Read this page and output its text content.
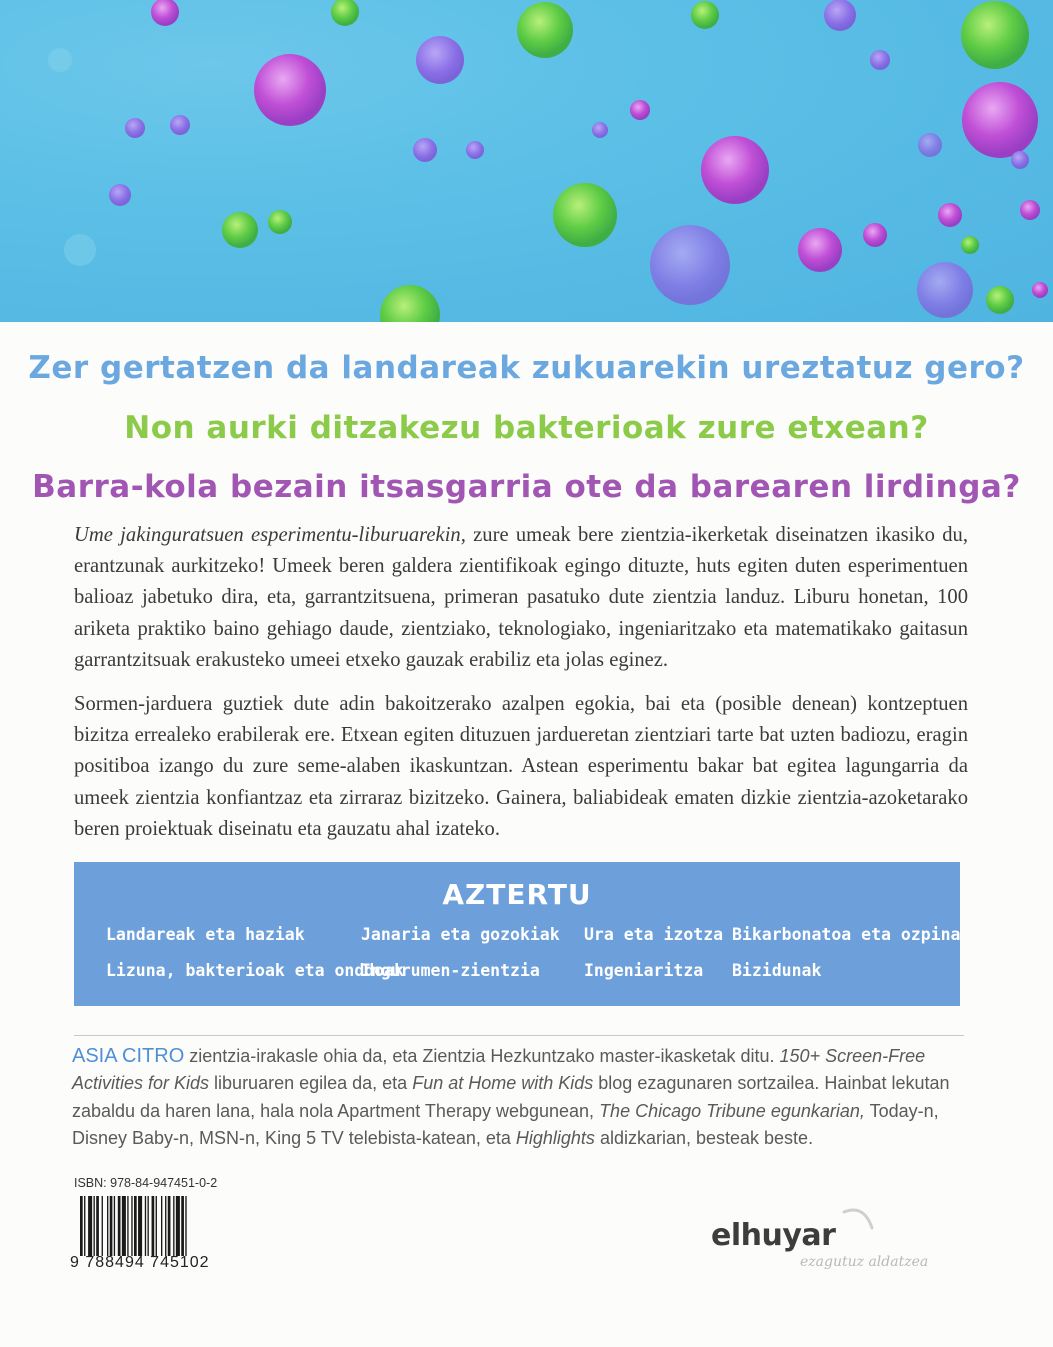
Zer gertatzen da landareak zukuarekin ureztatuz gero?
Non aurki ditzakezu bakterioak zure etxean?
Barra-kola bezain itsasgarria ote da barearen lirdinga?
Ume jakinguratsuen esperimentu-liburuarekin, zure umeak bere zientzia-ikerketak diseinatzen ikasiko du, erantzunak aurkitzeko! Umeek beren galdera zientifikoak egingo dituzte, huts egiten duten esperimentuen balioaz jabetuko dira, eta, garrantzitsuena, primeran pasatuko dute zientzia landuz. Liburu honetan, 100 ariketa praktiko baino gehiago daude, zientziako, teknologiako, ingeniaritzako eta matematikako gaitasun garrantzitsuak erakusteko umeei etxeko gauzak erabiliz eta jolas eginez.
Sormen-jarduera guztiek dute adin bakoitzerako azalpen egokia, bai eta (posible denean) kontzeptuen bizitza errealeko erabilerak ere. Etxean egiten dituzuen jardueretan zientziari tarte bat uzten badiozu, eragin positiboa izango du zure seme-alaben ikaskuntzan. Astean esperimentu bakar bat egitea lagungarria da umeek zientzia konfiantzaz eta zirraraz bizitzeko. Gainera, baliabideak ematen dizkie zientzia-azoketarako beren proiektuak diseinatu eta gauzatu ahal izateko.
AZTERTU
Landareak eta haziak	Janaria eta gozokiak Ura eta izotza Bikarbonatoa eta ozpina
Lizuna, bakterioak eta onddoak
Ingurumen-zientzia	Ingeniaritza Bizidunak
ASIA CITRO zientzia-irakasle ohia da, eta Zientzia Hezkuntzako master-ikasketak ditu. 150+ Screen-Free Activities for Kids liburuaren egilea da, eta Fun at Home with Kids blog ezagunaren sortzailea. Hainbat lekutan zabaldu da haren lana, hala nola Apartment Therapy webgunean, The Chicago Tribune egunkarian, Today-n, Disney Baby-n, MSN-n, King 5 TV telebista-katean, eta Highlights aldizkarian, besteak beste.
ISBN: 978-84-947451-0-2
9 788494 745102
elhuyar
ezagutuz aldatzea
